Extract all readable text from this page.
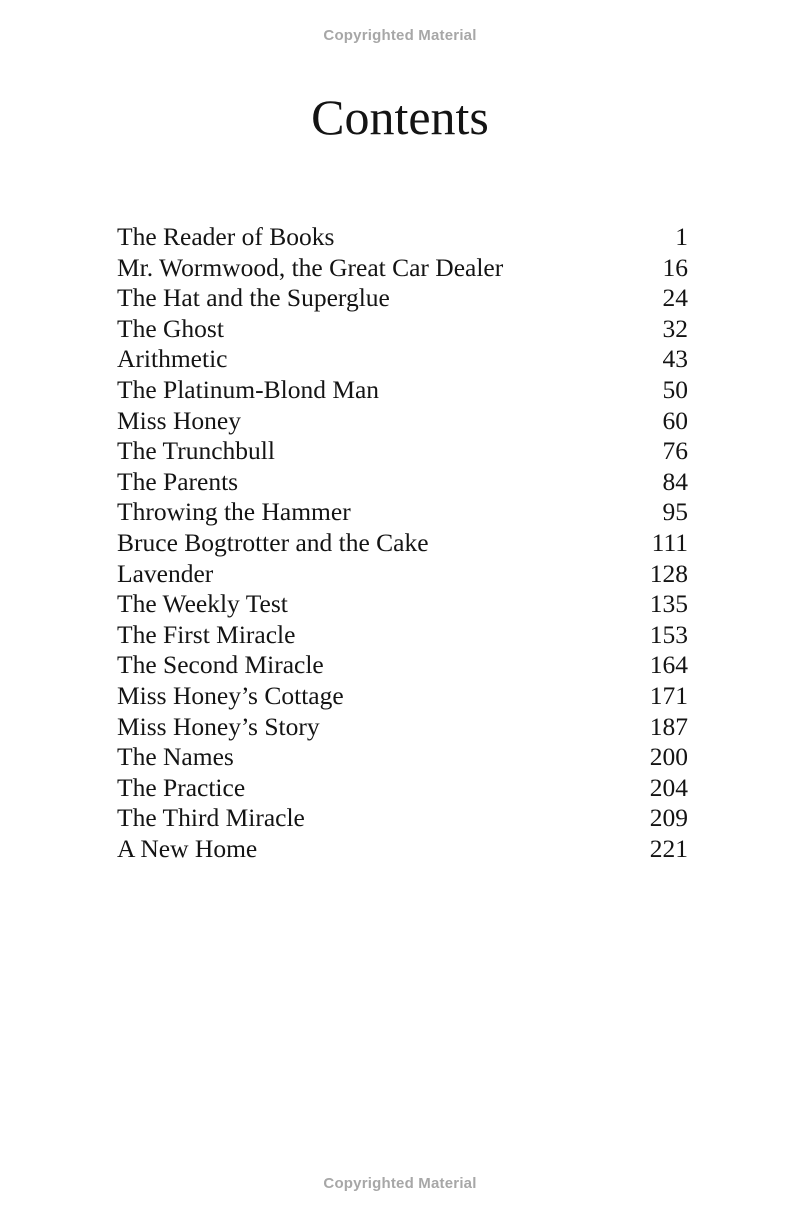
Copyrighted Material
Contents
The Reader of Books	1
Mr. Wormwood, the Great Car Dealer	16
The Hat and the Superglue	24
The Ghost	32
Arithmetic	43
The Platinum-Blond Man	50
Miss Honey	60
The Trunchbull	76
The Parents	84
Throwing the Hammer	95
Bruce Bogtrotter and the Cake	111
Lavender	128
The Weekly Test	135
The First Miracle	153
The Second Miracle	164
Miss Honey’s Cottage	171
Miss Honey’s Story	187
The Names	200
The Practice	204
The Third Miracle	209
A New Home	221
Copyrighted Material
